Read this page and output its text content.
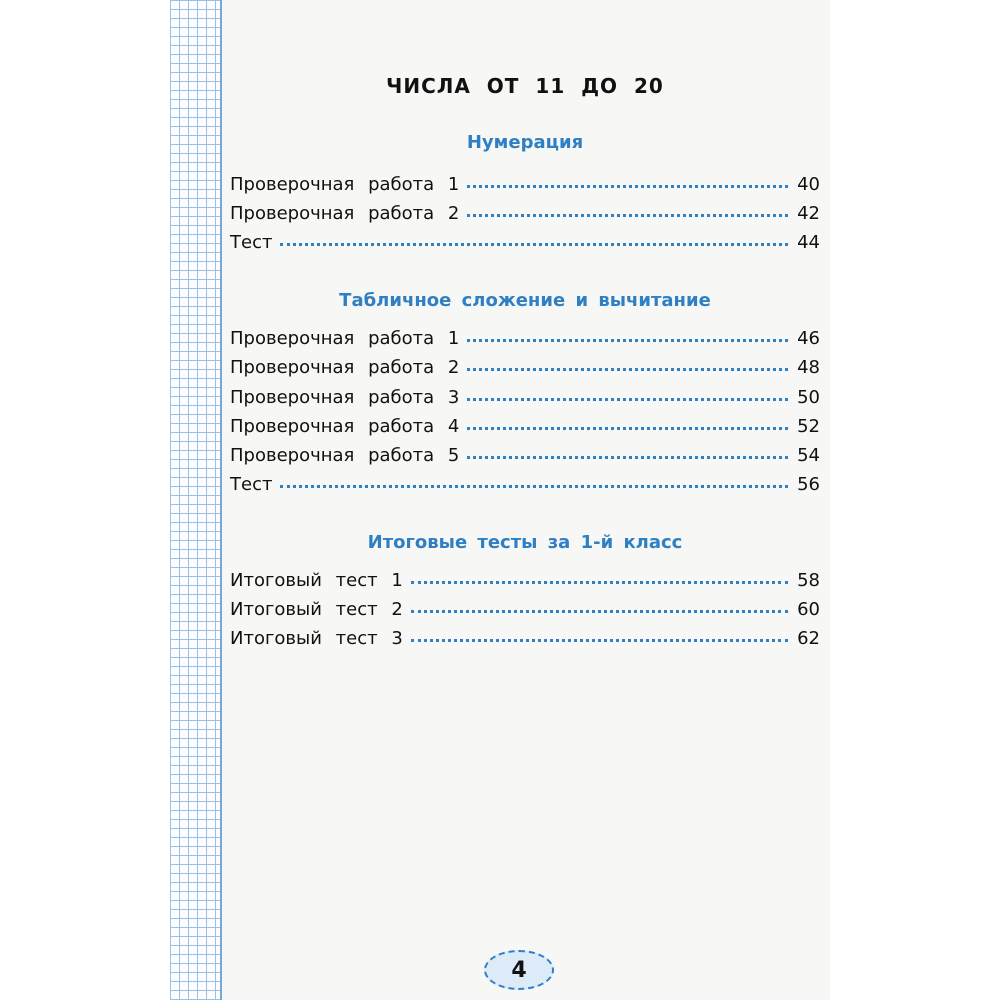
ЧИСЛА ОТ 11 ДО 20
Нумерация
Проверочная работа 1	40
Проверочная работа 2	42
Тест	44
Табличное сложение и вычитание
Проверочная работа 1	46
Проверочная работа 2	48
Проверочная работа 3	50
Проверочная работа 4	52
Проверочная работа 5	54
Тест	56
Итоговые тесты за 1-й класс
Итоговый тест 1	58
Итоговый тест 2	60
Итоговый тест 3	62
4
